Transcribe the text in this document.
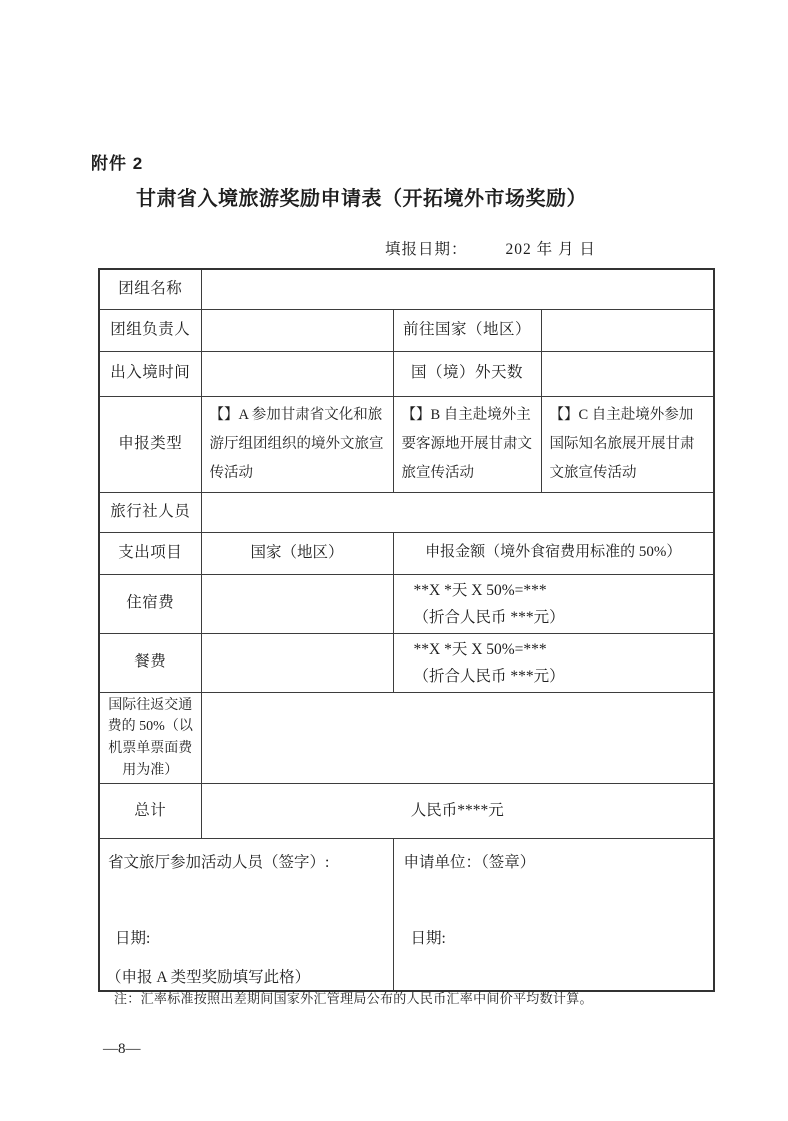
附件 2
甘肃省入境旅游奖励申请表（开拓境外市场奖励）
填报日期： 202 年 月 日
团组名称			
团组负责人		前往国家（地区）	
出入境时间		国（境）外天数	
申报类型	【】A 参加甘肃省文化和旅游厅组团组织的境外文旅宣传活动	【】B 自主赴境外主要客源地开展甘肃文旅宣传活动	【】C 自主赴境外参加国际知名旅展开展甘肃文旅宣传活动
旅行社人员			
支出项目	国家（地区）	申报金额（境外食宿费用标准的 50%）	
住宿费		**X *天 X 50%=***
（折合人民币 ***元）	

餐费		**X *天 X 50%=***
（折合人民币 ***元）	

国际往返交通费的 50%（以机票单票面费用为准）			
总计	人民币****元		

省文旅厅参加活动人员（签字）:
日期:
（申报 A 类型奖励填写此格）

申请单位：（签章）
日期:
注：汇率标准按照出差期间国家外汇管理局公布的人民币汇率中间价平均数计算。
—8—
